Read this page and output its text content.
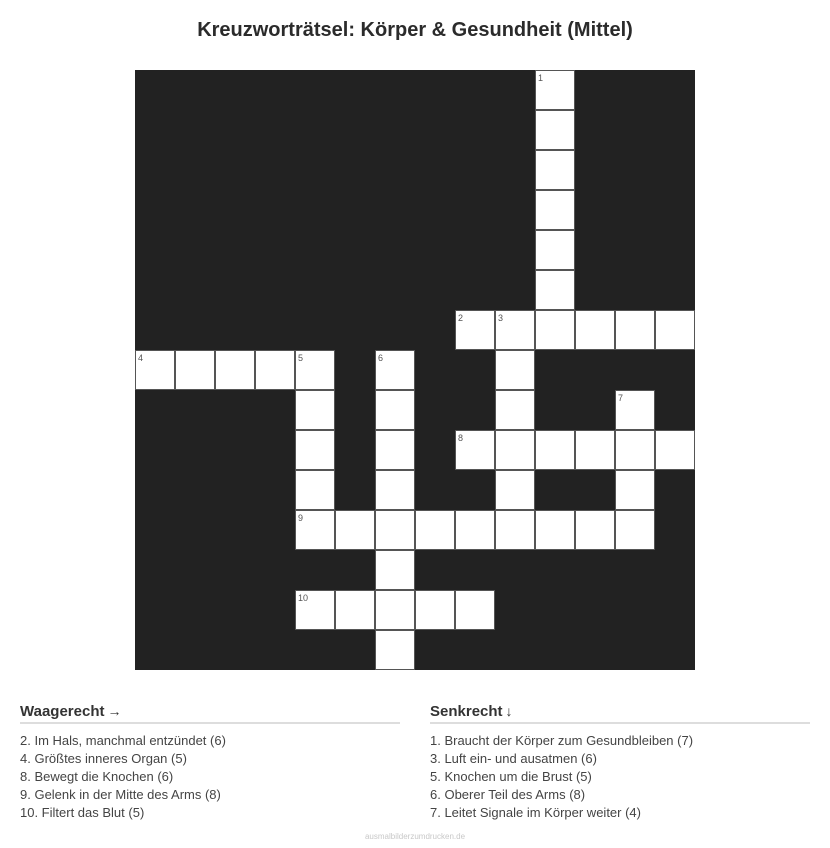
Kreuzworträtsel: Körper & Gesundheit (Mittel)
1
2	3
4	5	6
7
8
9
10
Waagerecht →
2. Im Hals, manchmal entzündet (6)
4. Größtes inneres Organ (5)
8. Bewegt die Knochen (6)
9. Gelenk in der Mitte des Arms (8)
10. Filtert das Blut (5)
Senkrecht ↓
1. Braucht der Körper zum Gesundbleiben (7)
3. Luft ein- und ausatmen (6)
5. Knochen um die Brust (5)
6. Oberer Teil des Arms (8)
7. Leitet Signale im Körper weiter (4)
ausmalbilderzumdrucken.de
